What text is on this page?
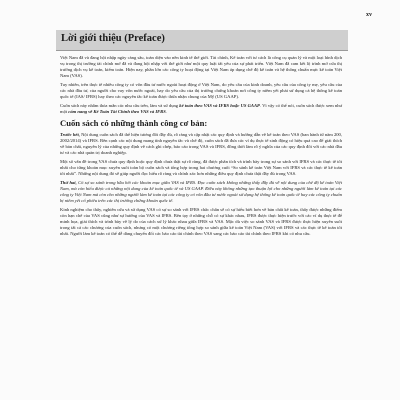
xv
Lời giới thiệu (Preface)

Việt Nam đã và đang hội nhập ngày càng sâu, toàn diện vào nền kinh tế thế giới. Tài chính, Kế toán với tư cách là công cụ quản lý và một loại hình dịch vụ trong thị trường tài chính mở đã và đang hội nhập với thế giới như một quy luật tất yếu của sự phát triển. Việt Nam đã cam kết lộ trình mở cửa thị trường dịch vụ kế toán, kiểm toán. Hiện nay, phần lớn các công ty hoạt động tại Việt Nam áp dụng chế độ kế toán và hệ thống chuẩn mực kế toán Việt Nam (VAS).

Tuy nhiên, trên thực tế nhiều công ty có vốn đầu tư nước ngoài hoạt động ở Việt Nam, do yêu cầu của kinh doanh, yêu cầu của công ty mẹ, yêu cầu của các nhà đầu tư, của người cho vay vốn nước ngoài, hay do yêu cầu của thị trường chứng khoán nơi công ty niêm yết phải sử dụng cả hệ thống kế toán quốc tế (IAS/ IFRS) hay theo các nguyên tắc kế toán được thừa nhận chung của Mỹ (US GAAP).

Cuốn sách này nhằm thỏa mãn các nhu cầu trên, làm và sử dụng kế toán theo VAS và IFRS hoặc US GAAP. Vì vậy có thể nói, cuốn sách được xem như một cẩm nang về Kế Toán Tài Chính theo VAS và IFRS.

Cuốn sách có những thành công cơ bản:

Trước hết, Nội dung cuốn sách đã thể hiện tương đối đầy đủ, rõ ràng và cập nhật các quy định và hướng dẫn về kế toán theo VAS (ban hành từ năm 200, 2002/2014) và IFRS. Bên cạnh các nội dung mang tính nguyên tắc và chế độ, cuốn sách đã đưa các ví dụ thực tế sinh động có hiệu quả cao để giải thích về bản chất, nguyên lý của những quy định về cách ghi chép, báo cáo trong VAS và IFRS, đồng thời làm rõ ý nghĩa của các quy định đối với các nhà đầu tư và các nhà quản trị doanh nghiệp.

Một số vấn đề trong VAS chưa quy định hoặc quy định chưa thật sự rõ ràng, đã được phân tích và trình bày trong sự so sánh với IFRS và các thực tế tốt nhất cho từng khoản mục xuyên suốt toàn bộ cuốn sách và tổng hợp trong hai chương cuối “So sánh kế toán Việt Nam với IFRS và các thực tế kế toán tốt nhất”. Những nội dung đó sẽ giúp người đọc hiểu rõ ràng và chính xác hơn những điều quy định chưa thật đầy đủ trong VAS.

Thứ hai, Có sự so sánh trong hầu hết các khoản mục giữa VAS và IFRS. Đọc cuốn sách không những thấy đầy đủ về nội dung của chế độ kế toán Việt Nam, mà còn hiểu được cả những nội dung của kế toán quốc tế và US GAAP. Điều này không những tạo thuận lợi cho những người làm kế toán tại các công ty Việt Nam mà còn cho những người làm kế toán tại các công ty có vốn đầu tư nước ngoài sử dụng hệ thống kế toán quốc tế hay các công ty chuẩn bị niêm yết cổ phiếu trên các thị trường chứng khoán quốc tế.

Kinh nghiệm cho thấy, nghiên cứu và sử dụng VAS có sự so sánh với IFRS chắc chắn sẽ có sự hiểu biết hơn về bản chất kế toán, thấy được những điểm còn hạn chế của VAS cũng như sự hướng của VAS và IFRS. Bên tạy ở những chỗ có sự khác nhau, IFRS được thực hiện trước với các ví dụ thực tế để minh họa, giải thích và trình bày về lý do của cách xử lý khác nhau giữa IFRS và VAS. Mặc dù việc so sánh VAS và IFRS được thực hiện xuyên suốt trong tất cả các chương của cuốn sách, nhưng có một chương riêng tổng hợp so sánh giữa kế toán Việt Nam (VAS) với IFRS và các thực tế kế toán tốt nhất. Người làm kế toán có thể dễ dàng chuyển đổi các báo cáo tài chính theo VAS sang các báo cáo tài chính theo IFRS khi có nhu cầu.
